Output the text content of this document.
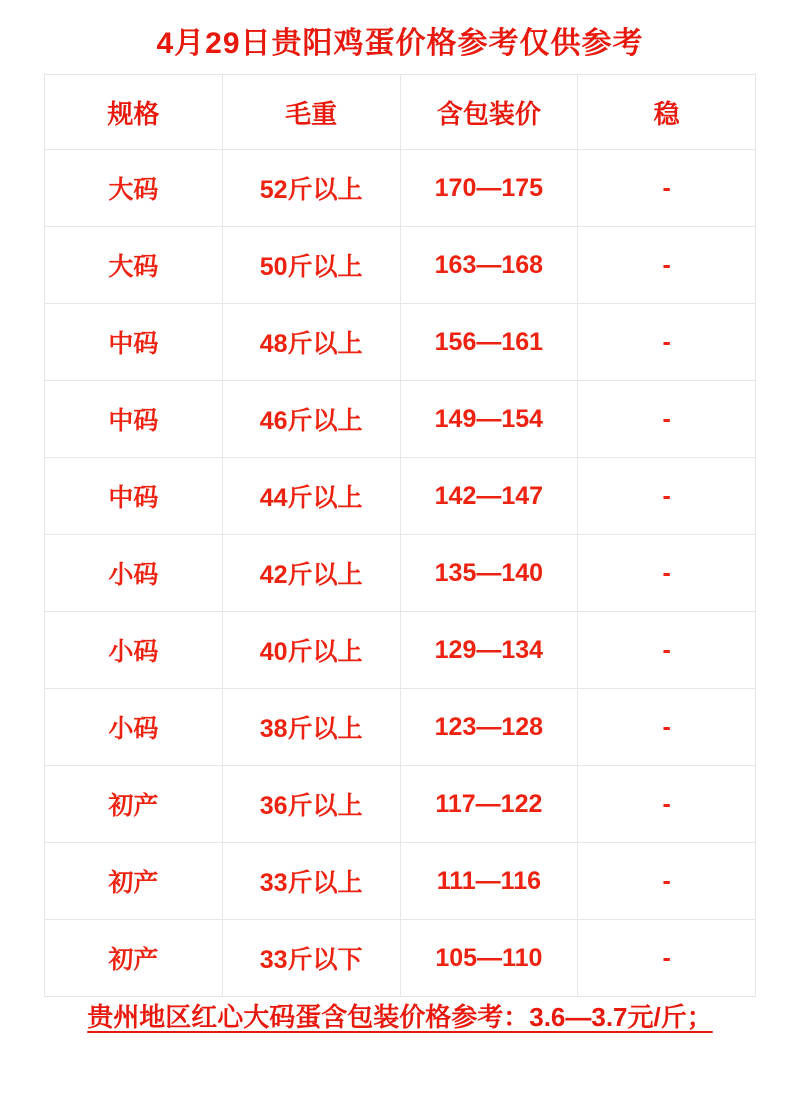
4月29日贵阳鸡蛋价格参考仅供参考			
规格	毛重	含包装价	稳
大码	52斤以上	170—175	-
大码	50斤以上	163—168	-
中码	48斤以上	156—161	-
中码	46斤以上	149—154	-
中码	44斤以上	142—147	-
小码	42斤以上	135—140	-
小码	40斤以上	129—134	-
小码	38斤以上	123—128	-
初产	36斤以上	117—122	-
初产	33斤以上	111—116	-
初产	33斤以下	105—110	-

贵州地区红心大码蛋含包装价格参考：3.6—3.7元/斤；			
